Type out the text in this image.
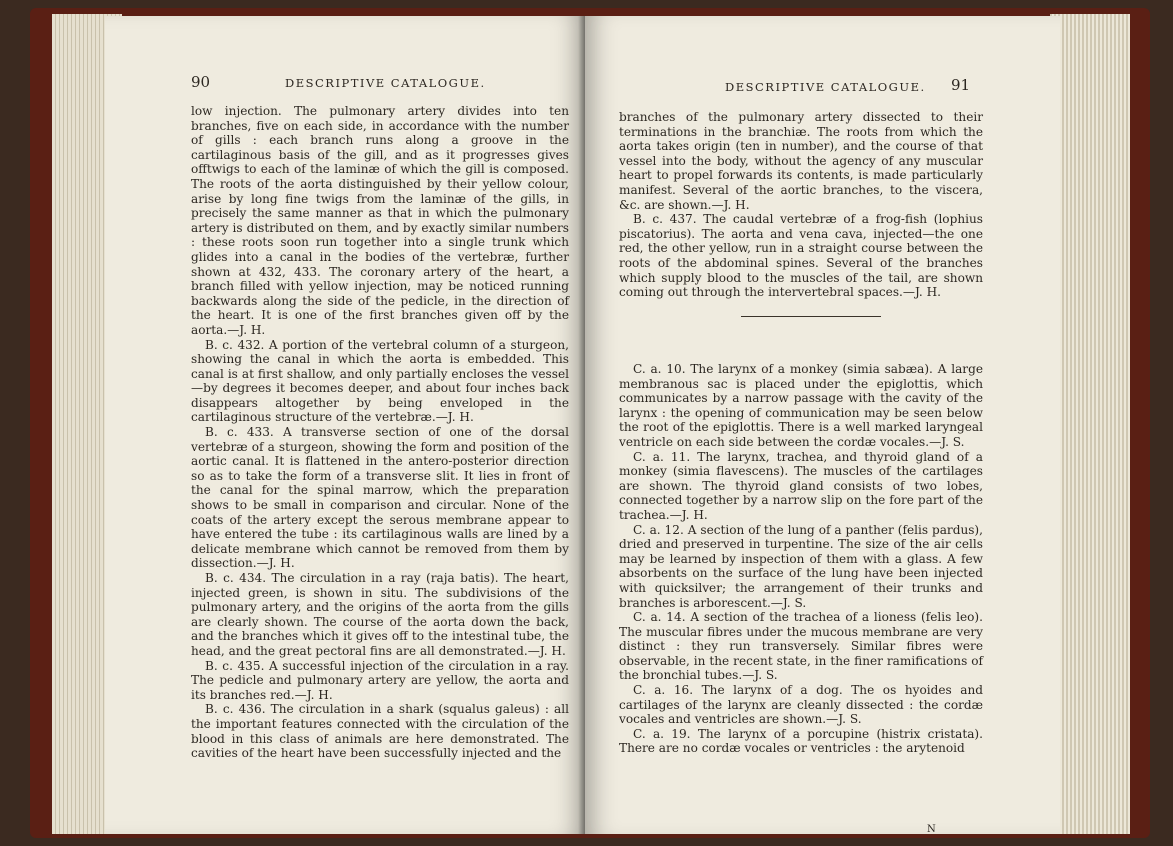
90	DESCRIPTIVE CATALOGUE.

low injection. The pulmonary artery divides into ten branches, five on each side, in accordance with the number of gills : each branch runs along a groove in the cartilaginous basis of the gill, and as it progresses gives offtwigs to each of the laminæ of which the gill is composed. The roots of the aorta distinguished by their yellow colour, arise by long fine twigs from the laminæ of the gills, in precisely the same manner as that in which the pulmonary artery is distributed on them, and by exactly similar numbers : these roots soon run together into a single trunk which glides into a canal in the bodies of the vertebræ, further shown at 432, 433. The coronary artery of the heart, a branch filled with yellow injection, may be noticed running backwards along the side of the pedicle, in the direction of the heart. It is one of the first branches given off by the aorta.—J. H.

B. c. 432. A portion of the vertebral column of a sturgeon, showing the canal in which the aorta is embedded. This canal is at first shallow, and only partially encloses the vessel—by degrees it becomes deeper, and about four inches back disappears altogether by being enveloped in the cartilaginous structure of the vertebræ.—J. H.

B. c. 433. A transverse section of one of the dorsal vertebræ of a sturgeon, showing the form and position of the aortic canal. It is flattened in the antero-posterior direction so as to take the form of a transverse slit. It lies in front of the canal for the spinal marrow, which the preparation shows to be small in comparison and circular. None of the coats of the artery except the serous membrane appear to have entered the tube : its cartilaginous walls are lined by a delicate membrane which cannot be removed from them by dissection.—J. H.

B. c. 434. The circulation in a ray (raja batis). The heart, injected green, is shown in situ. The subdivisions of the pulmonary artery, and the origins of the aorta from the gills are clearly shown. The course of the aorta down the back, and the branches which it gives off to the intestinal tube, the head, and the great pectoral fins are all demonstrated.—J. H.

B. c. 435. A successful injection of the circulation in a ray. The pedicle and pulmonary artery are yellow, the aorta and its branches red.—J. H.

B. c. 436. The circulation in a shark (squalus galeus) : all the important features connected with the circulation of the blood in this class of animals are here demonstrated. The cavities of the heart have been successfully injected and the

DESCRIPTIVE CATALOGUE. 91

branches of the pulmonary artery dissected to their terminations in the branchiæ. The roots from which the aorta takes origin (ten in number), and the course of that vessel into the body, without the agency of any muscular heart to propel forwards its contents, is made particularly manifest. Several of the aortic branches, to the viscera, &c. are shown.—J. H.

B. c. 437. The caudal vertebræ of a frog-fish (lophius piscatorius). The aorta and vena cava, injected—the one red, the other yellow, run in a straight course between the roots of the abdominal spines. Several of the branches which supply blood to the muscles of the tail, are shown coming out through the intervertebral spaces.—J. H.

C. a. 10. The larynx of a monkey (simia sabæa). A large membranous sac is placed under the epiglottis, which communicates by a narrow passage with the cavity of the larynx : the opening of communication may be seen below the root of the epiglottis. There is a well marked laryngeal ventricle on each side between the cordæ vocales.—J. S.

C. a. 11. The larynx, trachea, and thyroid gland of a monkey (simia flavescens). The muscles of the cartilages are shown. The thyroid gland consists of two lobes, connected together by a narrow slip on the fore part of the trachea.—J. H.

C. a. 12. A section of the lung of a panther (felis pardus), dried and preserved in turpentine. The size of the air cells may be learned by inspection of them with a glass. A few absorbents on the surface of the lung have been injected with quicksilver; the arrangement of their trunks and branches is arborescent.—J. S.

C. a. 14. A section of the trachea of a lioness (felis leo). The muscular fibres under the mucous membrane are very distinct : they run transversely. Similar fibres were observable, in the recent state, in the finer ramifications of the bronchial tubes.—J. S.

C. a. 16. The larynx of a dog. The os hyoides and cartilages of the larynx are cleanly dissected : the cordæ vocales and ventricles are shown.—J. S.

C. a. 19. The larynx of a porcupine (histrix cristata). There are no cordæ vocales or ventricles : the arytenoid

N
